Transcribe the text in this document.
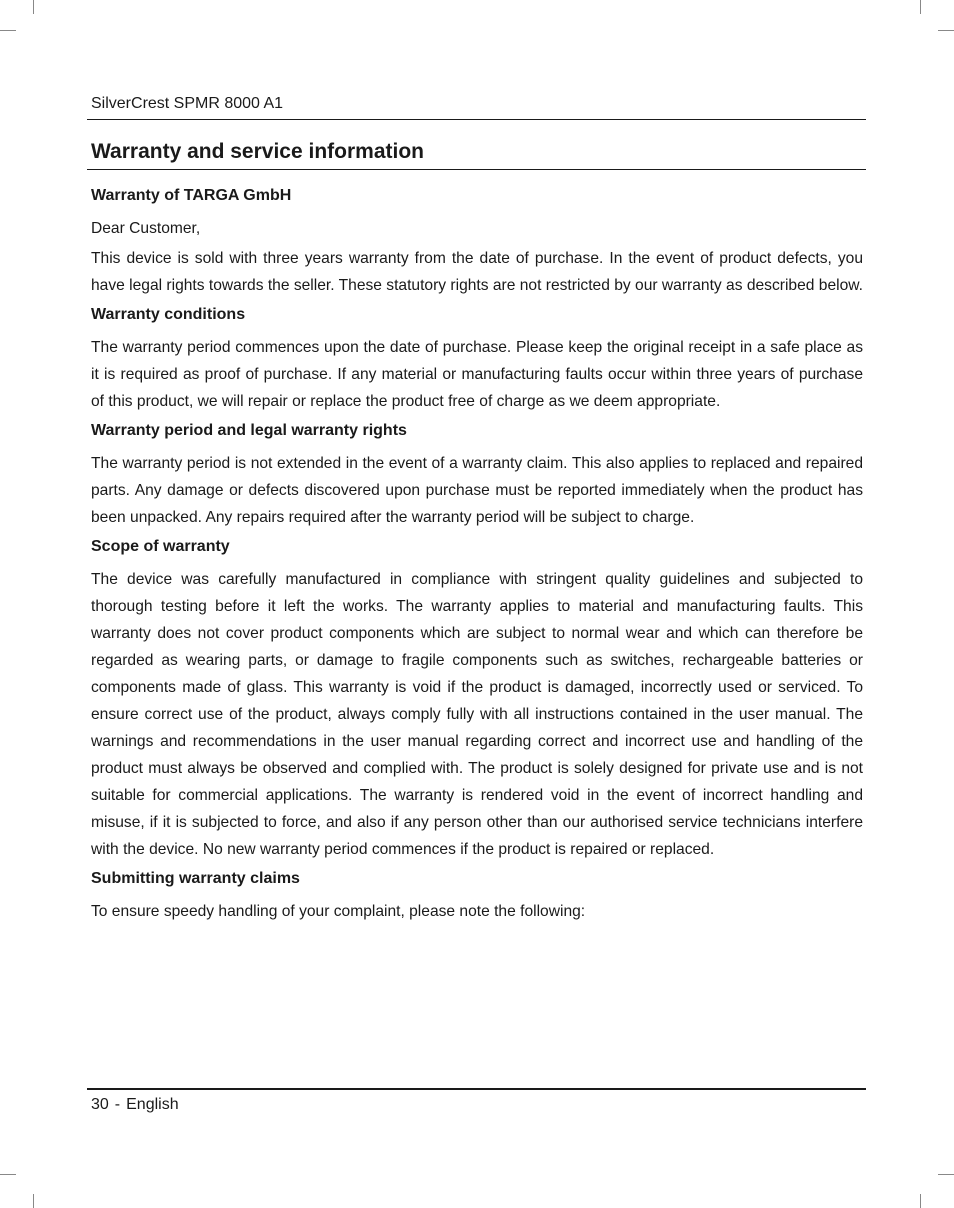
SilverCrest SPMR 8000 A1
Warranty and service information
Warranty of TARGA GmbH

Dear Customer,

This device is sold with three years warranty from the date of purchase. In the event of product defects, you have legal rights towards the seller. These statutory rights are not restricted by our warranty as described below.

Warranty conditions

The warranty period commences upon the date of purchase. Please keep the original receipt in a safe place as it is required as proof of purchase. If any material or manufacturing faults occur within three years of purchase of this product, we will repair or replace the product free of charge as we deem appropriate.

Warranty period and legal warranty rights

The warranty period is not extended in the event of a warranty claim. This also applies to replaced and repaired parts. Any damage or defects discovered upon purchase must be reported immediately when the product has been unpacked. Any repairs required after the warranty period will be subject to charge.

Scope of warranty

The device was carefully manufactured in compliance with stringent quality guidelines and subjected to thorough testing before it left the works. The warranty applies to material and manufacturing faults. This warranty does not cover product components which are subject to normal wear and which can therefore be regarded as wearing parts, or damage to fragile components such as switches, rechargeable batteries or components made of glass. This warranty is void if the product is damaged, incorrectly used or serviced. To ensure correct use of the product, always comply fully with all instructions contained in the user manual. The warnings and recommendations in the user manual regarding correct and incorrect use and handling of the product must always be observed and complied with. The product is solely designed for private use and is not suitable for commercial applications. The warranty is rendered void in the event of incorrect handling and misuse, if it is subjected to force, and also if any person other than our authorised service technicians interfere with the device. No new warranty period commences if the product is repaired or replaced.

Submitting warranty claims

To ensure speedy handling of your complaint, please note the following:

30 - English
